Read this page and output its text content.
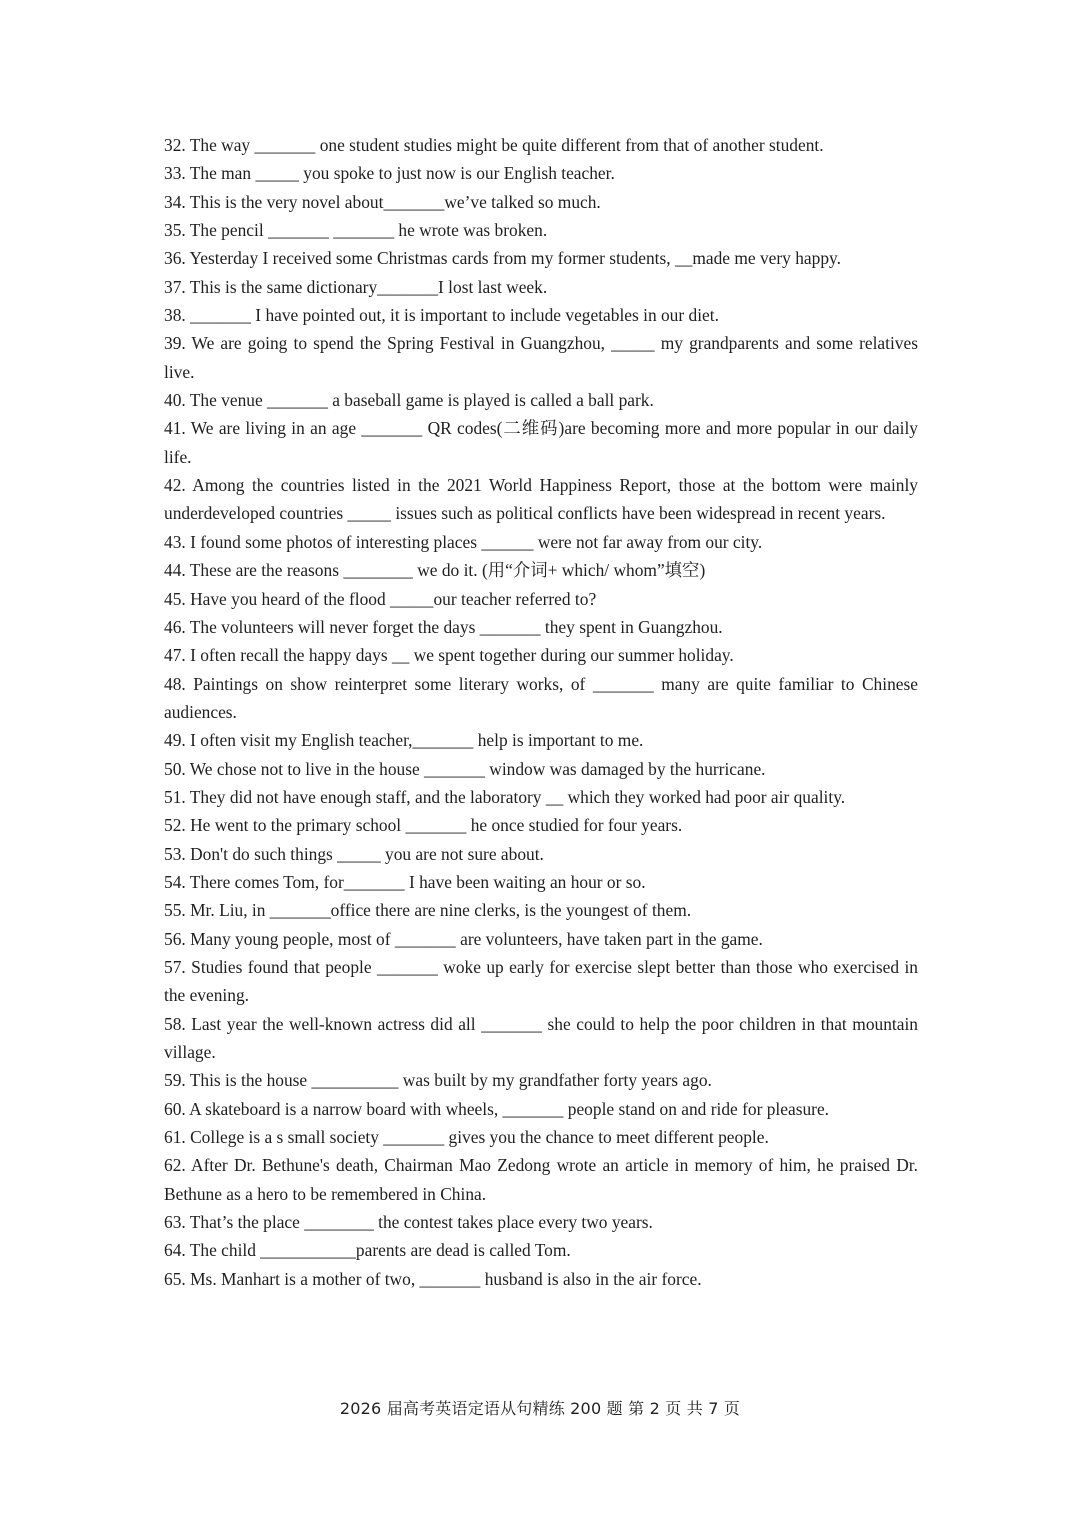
32. The way _______ one student studies might be quite different from that of another student.
33. The man _____ you spoke to just now is our English teacher.
34. This is the very novel about_______we’ve talked so much.
35. The pencil _______ _______ he wrote was broken.
36. Yesterday I received some Christmas cards from my former students, __made me very happy.
37. This is the same dictionary_______I lost last week.
38. _______ I have pointed out, it is important to include vegetables in our diet.
39. We are going to spend the Spring Festival in Guangzhou, _____ my grandparents and some relatives live.
40. The venue _______ a baseball game is played is called a ball park.
41. We are living in an age _______ QR codes(二维码)are becoming more and more popular in our daily life.
42. Among the countries listed in the 2021 World Happiness Report, those at the bottom were mainly underdeveloped countries _____ issues such as political conflicts have been widespread in recent years.
43. I found some photos of interesting places ______ were not far away from our city.
44. These are the reasons ________ we do it. (用“介词+ which/ whom”填空)
45. Have you heard of the flood _____our teacher referred to?
46. The volunteers will never forget the days _______ they spent in Guangzhou.
47. I often recall the happy days __ we spent together during our summer holiday.
48. Paintings on show reinterpret some literary works, of _______ many are quite familiar to Chinese audiences.
49. I often visit my English teacher,_______ help is important to me.
50. We chose not to live in the house _______ window was damaged by the hurricane.
51. They did not have enough staff, and the laboratory __ which they worked had poor air quality.
52. He went to the primary school _______ he once studied for four years.
53. Don't do such things _____ you are not sure about.
54. There comes Tom, for_______ I have been waiting an hour or so.
55. Mr. Liu, in _______office there are nine clerks, is the youngest of them.
56. Many young people, most of _______ are volunteers, have taken part in the game.
57. Studies found that people _______ woke up early for exercise slept better than those who exercised in the evening.
58. Last year the well-known actress did all _______ she could to help the poor children in that mountain village.
59. This is the house __________ was built by my grandfather forty years ago.
60. A skateboard is a narrow board with wheels, _______ people stand on and ride for pleasure.
61. College is a s small society _______ gives you the chance to meet different people.
62. After Dr. Bethune's death, Chairman Mao Zedong wrote an article in memory of him, he praised Dr. Bethune as a hero to be remembered in China.
63. That’s the place ________ the contest takes place every two years.
64. The child ___________parents are dead is called Tom.
65. Ms. Manhart is a mother of two, _______ husband is also in the air force.
2026 届高考英语定语从句精练 200 题 第 2 页 共 7 页
